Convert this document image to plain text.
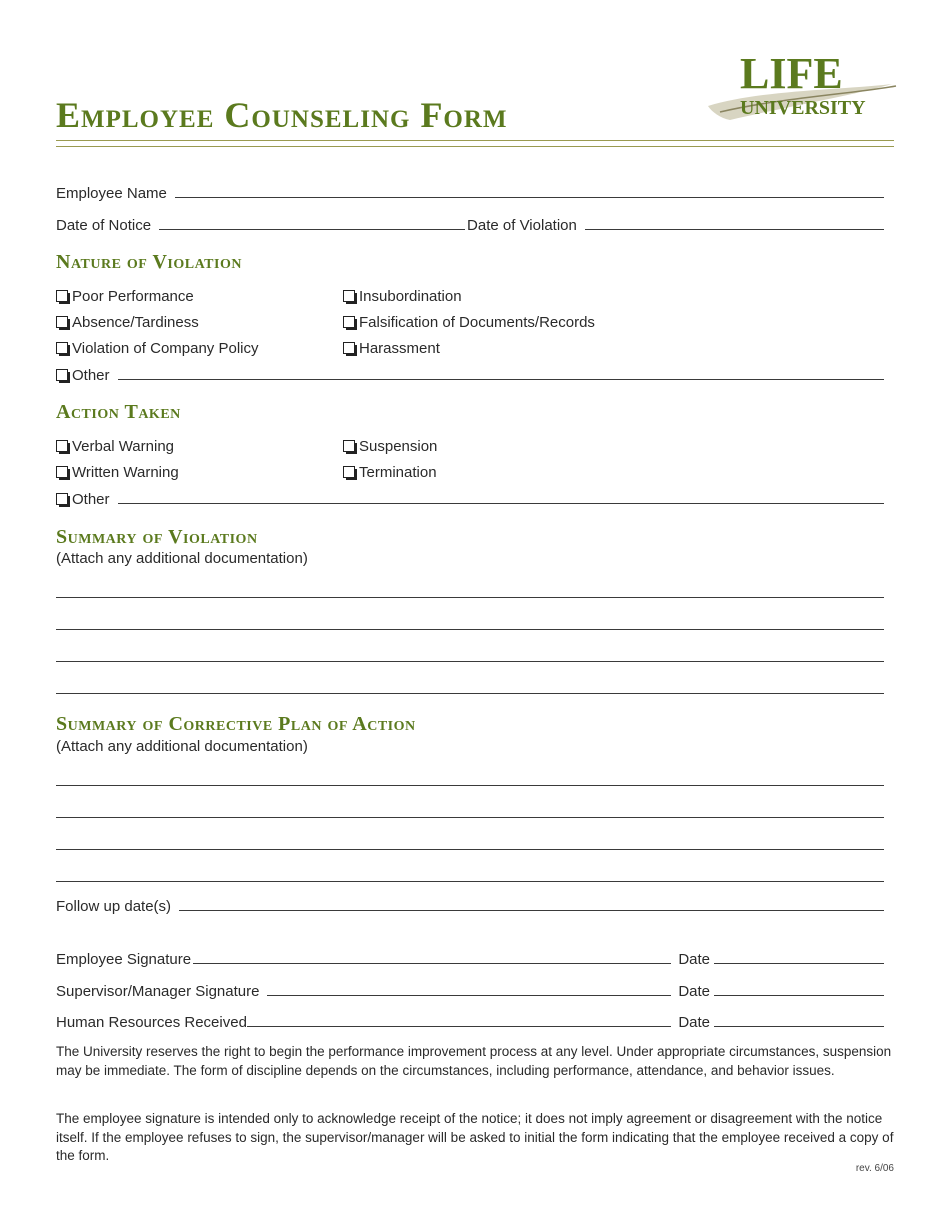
Employee Counseling Form
LIFE
UNIVERSITY
Employee Name
Date of Notice	Date of Violation
Nature of Violation
Poor Performance
Absence/Tardiness
Violation of Company Policy
Insubordination
Falsification of Documents/Records
Harassment
Other
Action Taken
Verbal Warning
Written Warning
Suspension
Termination
Other
Summary of Violation
(Attach any additional documentation)
Summary of Corrective Plan of Action
(Attach any additional documentation)
Follow up date(s)
Employee Signature	Date
Supervisor/Manager Signature	Date
Human Resources Received	Date

The University reserves the right to begin the performance improvement process at any level. Under appropriate circumstances, suspension may be immediate. The form of discipline depends on the circumstances, including performance, attendance, and behavior issues.

The employee signature is intended only to acknowledge receipt of the notice; it does not imply agreement or disagreement with the notice itself. If the employee refuses to sign, the supervisor/manager will be asked to initial the form indicating that the employee received a copy of the form.

rev. 6/06
